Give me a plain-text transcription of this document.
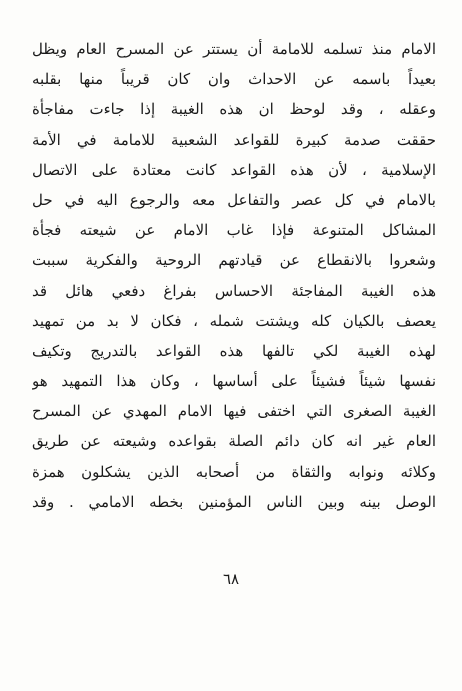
الامام منذ تسلمه للامامة أن يستتر عن المسرح العام ويظل
بعيداً باسمه عن الاحداث وان كان قريباً منها بقلبه
وعقله ، وقد لوحظ ان هذه الغيبة إذا جاءت مفاجأة
حققت صدمة كبيرة للقواعد الشعبية للامامة في الأمة
الإسلامية ، لأن هذه القواعد كانت معتادة على الاتصال
بالامام في كل عصر والتفاعل معه والرجوع اليه في حل
المشاكل المتنوعة فإذا غاب الامام عن شيعته فجأة
وشعروا بالانقطاع عن قيادتهم الروحية والفكرية سببت
هذه الغيبة المفاجئة الاحساس بفراغ دفعي هائل قد
يعصف بالكيان كله ويشتت شمله ، فكان لا بد من تمهيد
لهذه الغيبة لكي تالفها هذه القواعد بالتدريج وتكيف
نفسها شيئاً فشيئاً على أساسها ، وكان هذا التمهيد هو
الغيبة الصغرى التي اختفى فيها الامام المهدي عن المسرح
العام غير انه كان دائم الصلة بقواعده وشيعته عن طريق
وكلائه ونوابه والثقاة من أصحابه الذين يشكلون همزة
الوصل بينه وبين الناس المؤمنين بخطه الامامي . وقد
٦٨
